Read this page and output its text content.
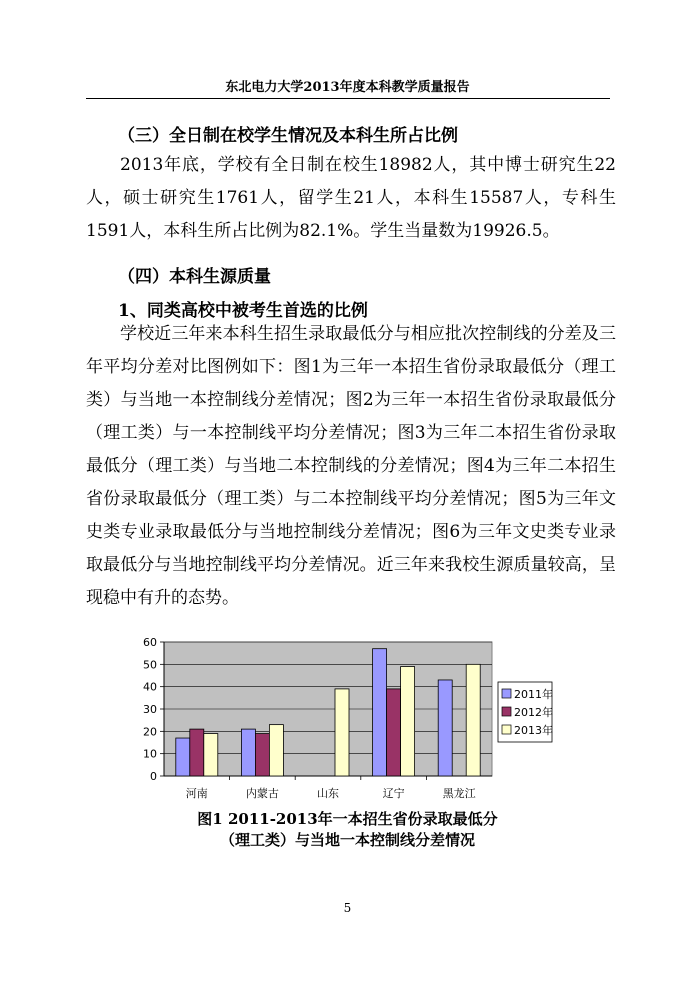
东北电力大学2013年度本科教学质量报告
（三）全日制在校学生情况及本科生所占比例

2013年底，学校有全日制在校生18982人，其中博士研究生22人，硕士研究生1761人，留学生21人，本科生15587人，专科生1591人，本科生所占比例为82.1%。学生当量数为19926.5。

（四）本科生源质量
1、同类高校中被考生首选的比例

学校近三年来本科生招生录取最低分与相应批次控制线的分差及三年平均分差对比图例如下：图1为三年一本招生省份录取最低分（理工类）与当地一本控制线分差情况；图2为三年一本招生省份录取最低分（理工类）与一本控制线平均分差情况；图3为三年二本招生省份录取最低分（理工类）与当地二本控制线的分差情况；图4为三年二本招生省份录取最低分（理工类）与二本控制线平均分差情况；图5为三年文史类专业录取最低分与当地控制线分差情况；图6为三年文史类专业录取最低分与当地控制线平均分差情况。近三年来我校生源质量较高，呈现稳中有升的态势。

0
10
20
30
40
50
60
河南	内蒙古	山东	辽宁	黑龙江
2011年
2012年
2013年
图1 2011-2013年一本招生省份录取最低分
（理工类）与当地一本控制线分差情况
5
